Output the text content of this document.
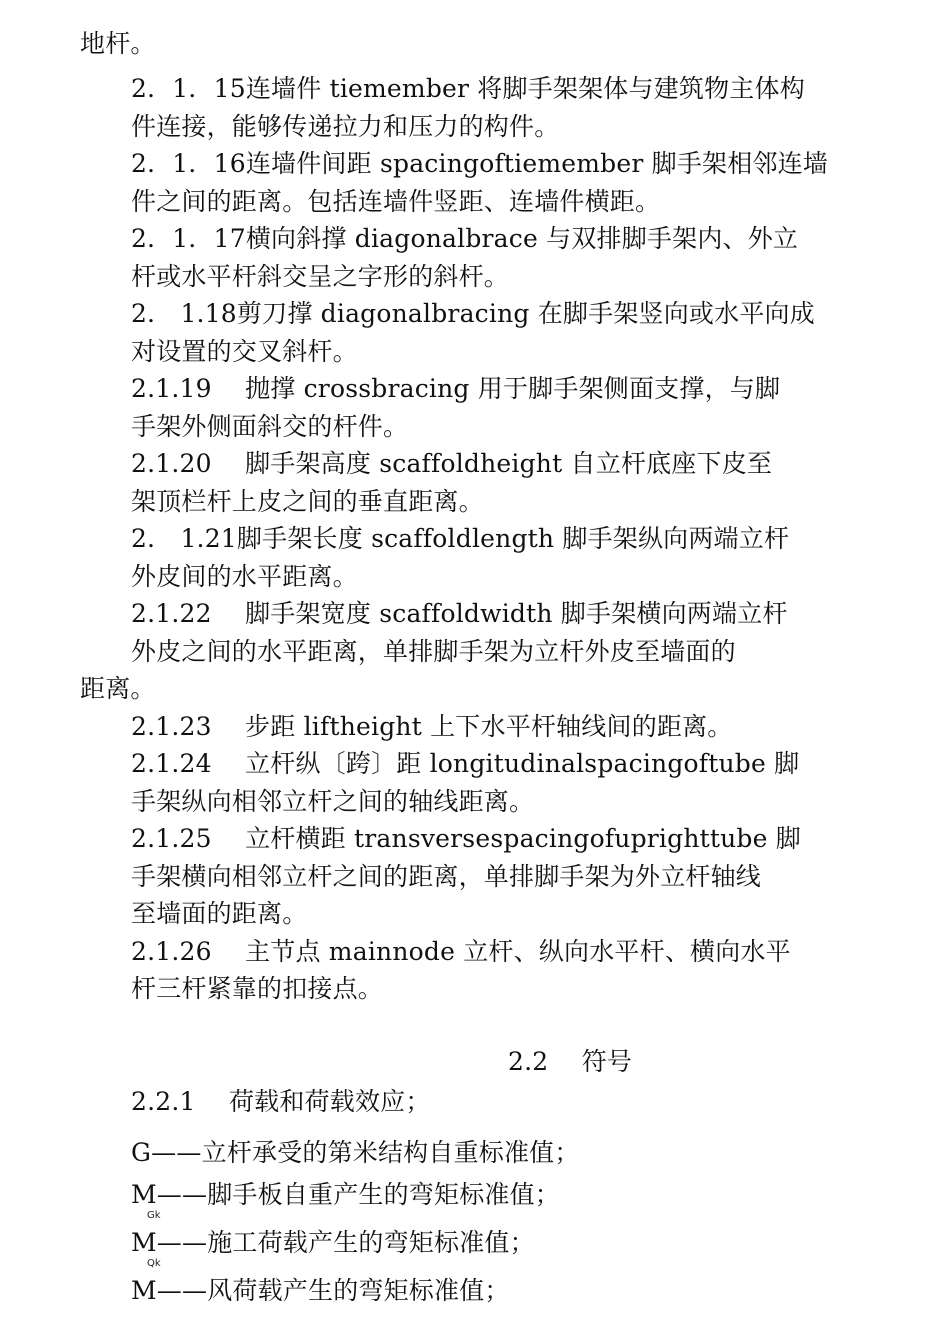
地杆。
2．1．15连墙件 tiemember 将脚手架架体与建筑物主体构
件连接，能够传递拉力和压力的构件。
2．1．16连墙件间距 spacingoftiemember 脚手架相邻连墙
件之间的距离。包括连墙件竖距、连墙件横距。
2．1．17横向斜撑 diagonalbrace 与双排脚手架内、外立
杆或水平杆斜交呈之字形的斜杆。
2． 1.18剪刀撑 diagonalbracing 在脚手架竖向或水平向成
对设置的交叉斜杆。
2.1.19　 抛撑 crossbracing 用于脚手架侧面支撑，与脚
手架外侧面斜交的杆件。
2.1.20　 脚手架高度 scaffoldheight 自立杆底座下皮至
架顶栏杆上皮之间的垂直距离。
2． 1.21脚手架长度 scaffoldlength 脚手架纵向两端立杆
外皮间的水平距离。
2.1.22　 脚手架宽度 scaffoldwidth 脚手架横向两端立杆
外皮之间的水平距离，单排脚手架为立杆外皮至墙面的
距离。
2.1.23　 步距 liftheight 上下水平杆轴线间的距离。
2.1.24　 立杆纵〔跨〕距 longitudinalspacingoftube 脚
手架纵向相邻立杆之间的轴线距离。
2.1.25　 立杆横距 transversespacingofuprighttube 脚
手架横向相邻立杆之间的距离，单排脚手架为外立杆轴线
至墙面的距离。
2.1.26　 主节点 mainnode 立杆、纵向水平杆、横向水平
杆三杆紧靠的扣接点。
2.2　 符号
2.2.1　 荷载和荷载效应；
G——立杆承受的第米结构自重标准值；
M——脚手板自重产生的弯矩标准值；
Gk
M——施工荷载产生的弯矩标准值；
Qk
M——风荷载产生的弯矩标准值；
